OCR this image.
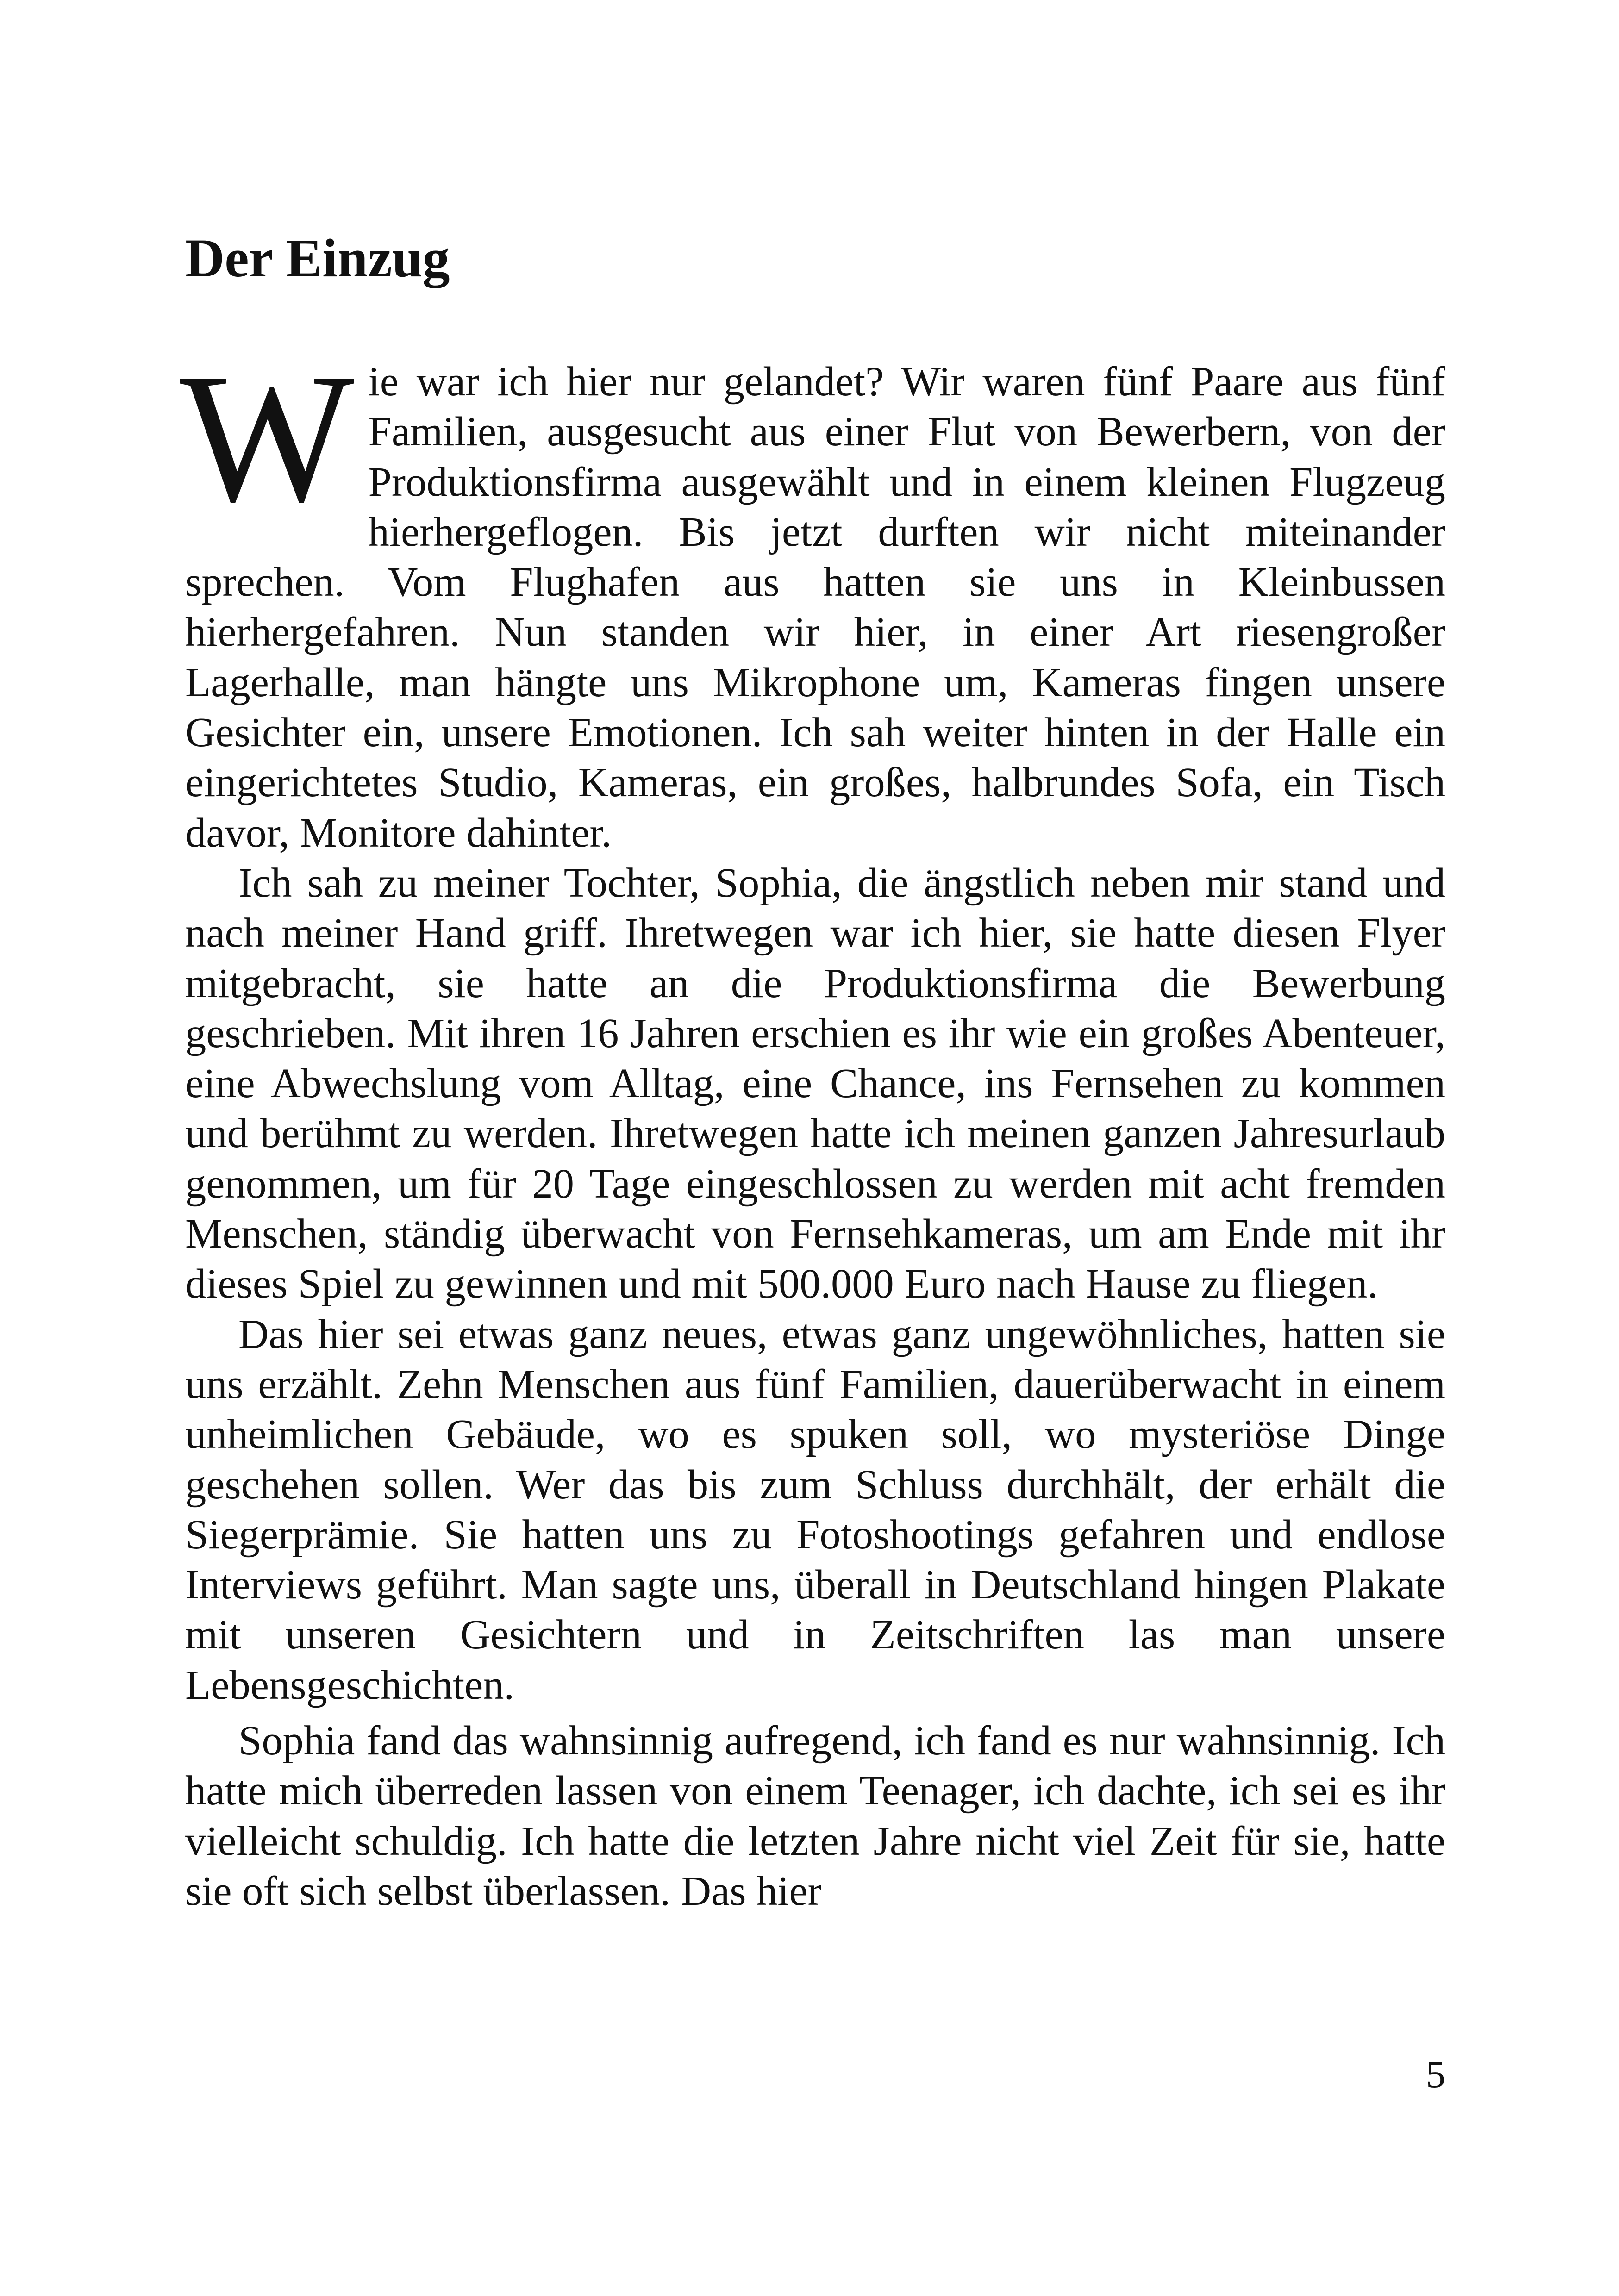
Der Einzug

Wie war ich hier nur gelandet? Wir waren fünf Paare aus fünf Familien, ausgesucht aus einer Flut von Bewerbern, von der Produktionsfirma ausgewählt und in einem kleinen Flugzeug hierhergeflogen. Bis jetzt durften wir nicht miteinander sprechen. Vom Flughafen aus hatten sie uns in Kleinbussen hierhergefahren. Nun standen wir hier, in einer Art riesengroßer Lagerhalle, man hängte uns Mikrophone um, Kameras fingen unsere Gesichter ein, unsere Emotionen. Ich sah weiter hinten in der Halle ein eingerichtetes Studio, Kameras, ein großes, halbrundes Sofa, ein Tisch davor, Monitore dahinter.

Ich sah zu meiner Tochter, Sophia, die ängstlich neben mir stand und nach meiner Hand griff. Ihretwegen war ich hier, sie hatte diesen Flyer mitgebracht, sie hatte an die Produktionsfirma die Bewerbung geschrieben. Mit ihren 16 Jahren erschien es ihr wie ein großes Abenteuer, eine Abwechslung vom Alltag, eine Chance, ins Fernsehen zu kommen und berühmt zu werden. Ihretwegen hatte ich meinen ganzen Jahresurlaub genommen, um für 20 Tage eingeschlossen zu werden mit acht fremden Menschen, ständig überwacht von Fernsehkameras, um am Ende mit ihr dieses Spiel zu gewinnen und mit 500.000 Euro nach Hause zu fliegen.

Das hier sei etwas ganz neues, etwas ganz ungewöhnliches, hatten sie uns erzählt. Zehn Menschen aus fünf Familien, dauerüberwacht in einem unheimlichen Gebäude, wo es spuken soll, wo mysteriöse Dinge geschehen sollen. Wer das bis zum Schluss durchhält, der erhält die Siegerprämie. Sie hatten uns zu Fotoshootings gefahren und endlose Interviews geführt. Man sagte uns, überall in Deutschland hingen Plakate mit unseren Gesichtern und in Zeitschriften las man unsere Lebensgeschichten.

Sophia fand das wahnsinnig aufregend, ich fand es nur wahnsinnig. Ich hatte mich überreden lassen von einem Teenager, ich dachte, ich sei es ihr vielleicht schuldig. Ich hatte die letzten Jahre nicht viel Zeit für sie, hatte sie oft sich selbst überlassen. Das hier

5
